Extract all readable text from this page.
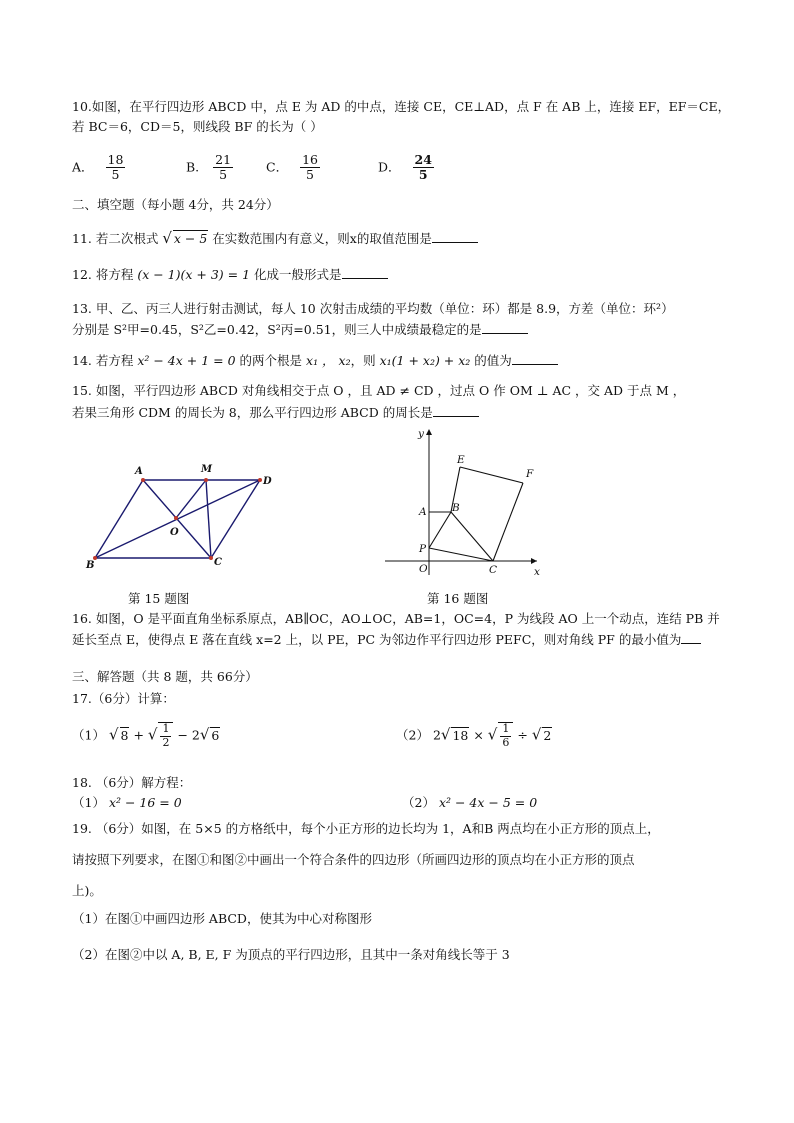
10.如图，在平行四边形 ABCD 中，点 E 为 AD 的中点，连接 CE，CE⊥AD，点 F 在 AB 上，连接 EF，EF＝CE，
若 BC＝6，CD＝5，则线段 BF 的长为（ ）
A． $\frac{18}{5}$	B. $\frac{21}{5}$	C． $\frac{16}{5}$	D． $\frac{24}{5}$
二、填空题（每小题 4分，共 24分）
11. 若二次根式 √ x − 5 在实数范围内有意义，则x的取值范围是
12. 将方程 (x − 1)(x + 3) = 1 化成一般形式是
13. 甲、乙、丙三人进行射击测试，每人 10 次射击成绩的平均数（单位：环）都是 8.9，方差（单位：环²）
分别是 S²甲=0.45，S²乙=0.42，S²丙=0.51，则三人中成绩最稳定的是
14. 若方程 x² − 4x + 1 = 0 的两个根是 x₁ ， x₂，则 x₁(1 + x₂) + x₂ 的值为
15. 如图，平行四边形 ABCD 对角线相交于点 O ，且 AD ≠ CD ，过点 O 作 OM ⊥ AC ，交 AD 于点 M ，
若果三角形 CDM 的周长为 8，那么平行四边形 ABCD 的周长是
A	M
D
O
B	C
第 15 题图
y
x
E
F
A B
P
O	C
第 16 题图
16. 如图，O 是平面直角坐标系原点，AB∥OC，AO⊥OC，AB=1，OC=4，P 为线段 AO 上一个动点，连结 PB 并
延长至点 E，使得点 E 落在直线 x=2 上，以 PE，PC 为邻边作平行四边形 PEFC，则对角线 PF 的最小值为
三、解答题（共 8 题，共 66分）
17.（6分）计算：
（1） √ 8 + √ $\frac{1}{2} - 2√$ 6	（2） 2√ 18 × √ $\frac{1}{6}$ ÷ √ 2
18. （6分）解方程：
（1） x² − 16 = 0	（2） x² − 4x − 5 = 0
19. （6分）如图，在 5×5 的方格纸中，每个小正方形的边长均为 1，A和B 两点均在小正方形的顶点上，
请按照下列要求，在图①和图②中画出一个符合条件的四边形（所画四边形的顶点均在小正方形的顶点
上)。
（1）在图①中画四边形 ABCD，使其为中心对称图形
（2）在图②中以 A, B, E, F 为顶点的平行四边形，且其中一条对角线长等于 3
